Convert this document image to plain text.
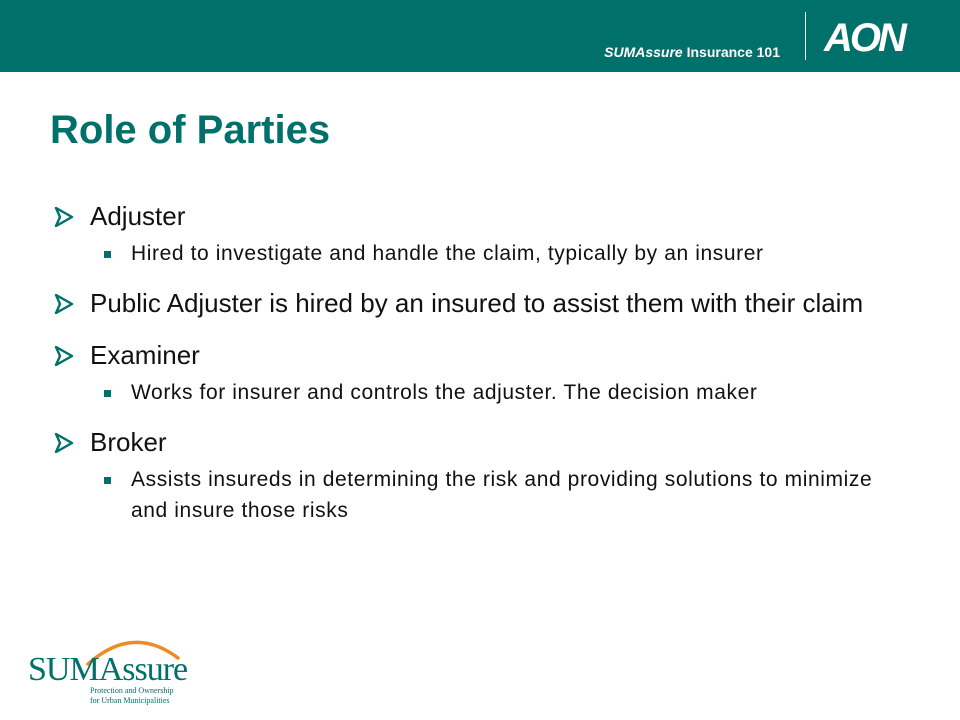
SUMAssure Insurance 101 AON
Role of Parties
Adjuster
Hired to investigate and handle the claim, typically by an insurer
Public Adjuster is hired by an insured to assist them with their claim
Examiner
Works for insurer and controls the adjuster. The decision maker
Broker
Assists insureds in determining the risk and providing solutions to minimize and insure those risks
SUMAssure
Protection and Ownership
for Urban Municipalities
